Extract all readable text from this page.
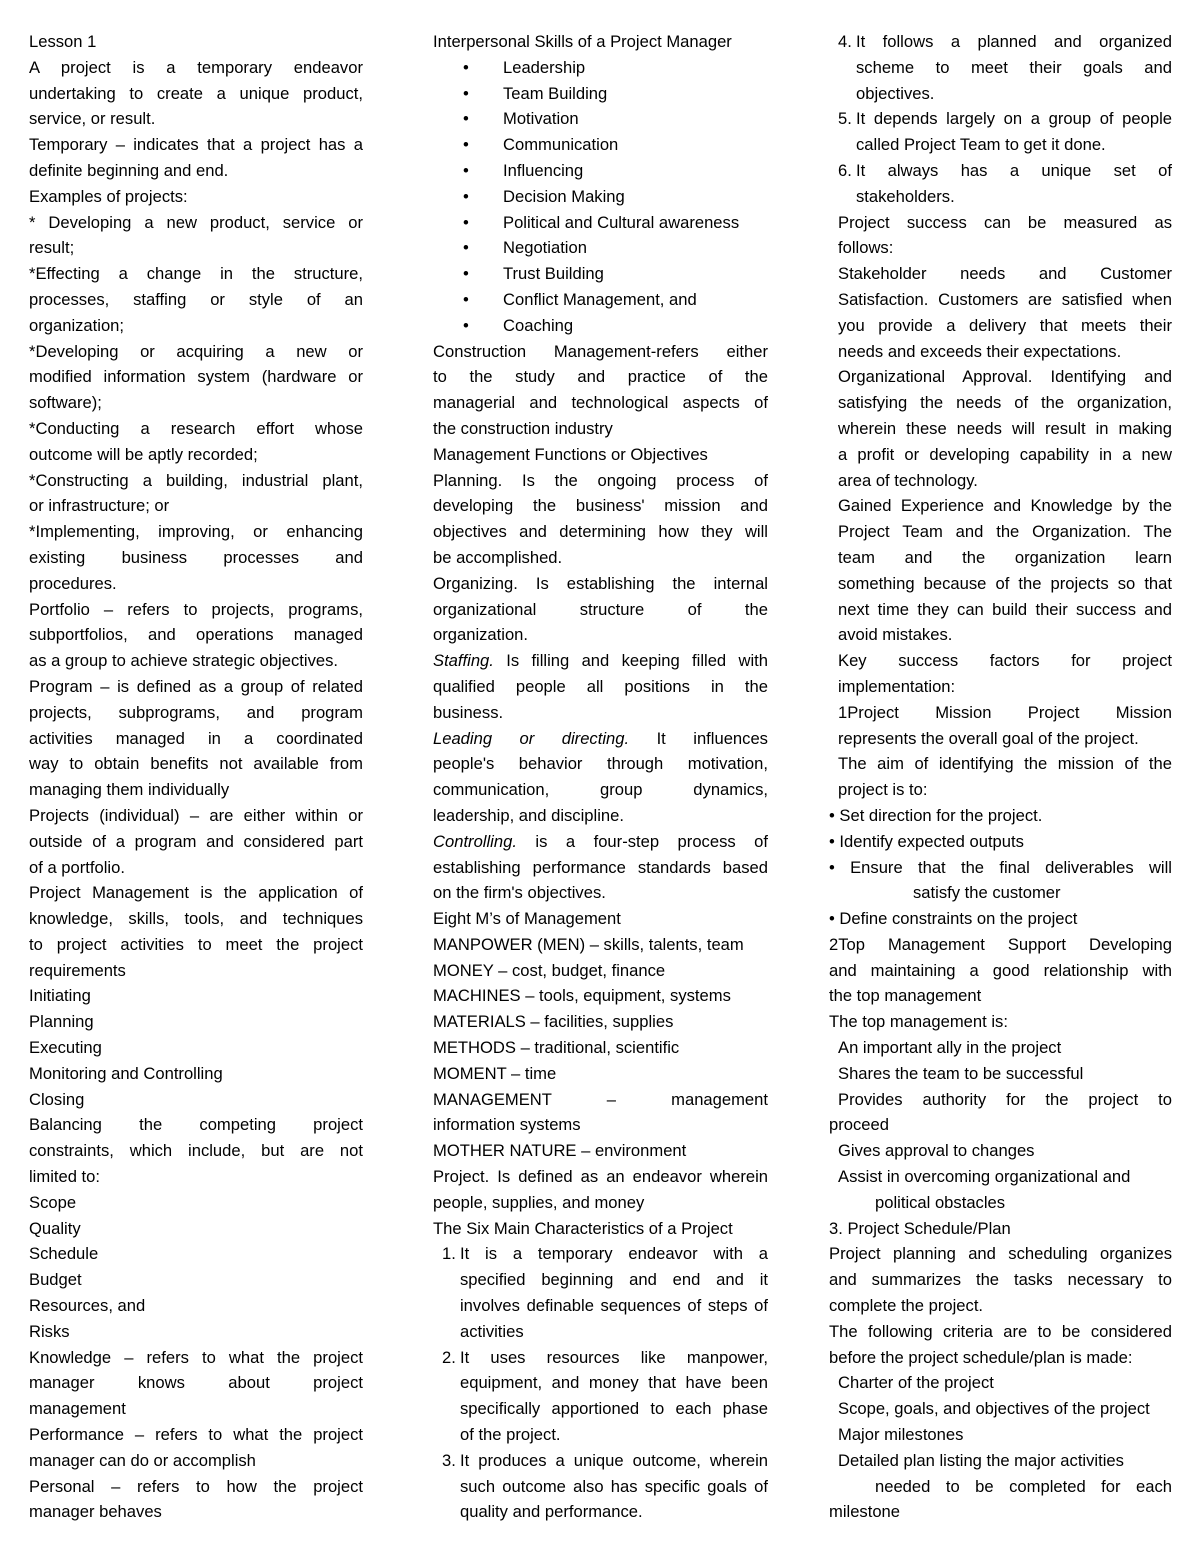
Lesson 1
A project is a temporary endeavor
undertaking to create a unique product,
service, or result.
Temporary – indicates that a project has a
definite beginning and end.
Examples of projects:
* Developing a new product, service or
result;
*Effecting a change in the structure,
processes, staffing or style of an
organization;
*Developing or acquiring a new or
modified information system (hardware or
software);
*Conducting a research effort whose
outcome will be aptly recorded;
*Constructing a building, industrial plant,
or infrastructure; or
*Implementing, improving, or enhancing
existing business processes and
procedures.
Portfolio – refers to projects, programs,
subportfolios, and operations managed
as a group to achieve strategic objectives.
Program – is defined as a group of related
projects, subprograms, and program
activities managed in a coordinated
way to obtain benefits not available from
managing them individually
Projects (individual) – are either within or
outside of a program and considered part
of a portfolio.
Project Management is the application of
knowledge, skills, tools, and techniques
to project activities to meet the project
requirements
Initiating
Planning
Executing
Monitoring and Controlling
Closing
Balancing the competing project
constraints, which include, but are not
limited to:
Scope
Quality
Schedule
Budget
Resources, and
Risks
Knowledge – refers to what the project
manager knows about project
management
Performance – refers to what the project
manager can do or accomplish
Personal – refers to how the project
manager behaves
Interpersonal Skills of a Project Manager
• Leadership
• Team Building
• Motivation
• Communication
• Influencing
• Decision Making
• Political and Cultural awareness
• Negotiation
• Trust Building
• Conflict Management, and
• Coaching
Construction Management-refers either
to the study and practice of the
managerial and technological aspects of
the construction industry
Management Functions or Objectives
Planning. Is the ongoing process of
developing the business' mission and
objectives and determining how they will
be accomplished.
Organizing. Is establishing the internal
organizational structure of the
organization.
Staffing. Is filling and keeping filled with
qualified people all positions in the
business.
Leading or directing. It influences
people's behavior through motivation,
communication, group dynamics,
leadership, and discipline.
Controlling. is a four-step process of
establishing performance standards based
on the firm's objectives.
Eight M’s of Management
MANPOWER (MEN) – skills, talents, team
MONEY – cost, budget, finance
MACHINES – tools, equipment, systems
MATERIALS – facilities, supplies
METHODS – traditional, scientific
MOMENT – time
MANAGEMENT – management
information systems
MOTHER NATURE – environment
Project. Is defined as an endeavor wherein
people, supplies, and money
The Six Main Characteristics of a Project
1. It is a temporary endeavor with a
specified beginning and end and it
involves definable sequences of steps of
activities
2. It uses resources like manpower,
equipment, and money that have been
specifically apportioned to each phase
of the project.
3. It produces a unique outcome, wherein
such outcome also has specific goals of
quality and performance.
4. It follows a planned and organized
scheme to meet their goals and
objectives.
5. It depends largely on a group of people
called Project Team to get it done.
6. It always has a unique set of
stakeholders.
Project success can be measured as
follows:
Stakeholder needs and Customer
Satisfaction. Customers are satisfied when
you provide a delivery that meets their
needs and exceeds their expectations.
Organizational Approval. Identifying and
satisfying the needs of the organization,
wherein these needs will result in making
a profit or developing capability in a new
area of technology.
Gained Experience and Knowledge by the
Project Team and the Organization. The
team and the organization learn
something because of the projects so that
next time they can build their success and
avoid mistakes.
Key success factors for project
implementation:
1Project Mission Project Mission
represents the overall goal of the project.
The aim of identifying the mission of the
project is to:
• Set direction for the project.
• Identify expected outputs
• Ensure that the final deliverables will
satisfy the customer
• Define constraints on the project
2Top Management Support Developing
and maintaining a good relationship with
the top management
The top management is:
An important ally in the project
Shares the team to be successful
Provides authority for the project to
proceed
Gives approval to changes
Assist in overcoming organizational and
political obstacles
3. Project Schedule/Plan
Project planning and scheduling organizes
and summarizes the tasks necessary to
complete the project.
The following criteria are to be considered
before the project schedule/plan is made:
Charter of the project
Scope, goals, and objectives of the project
Major milestones
Detailed plan listing the major activities
needed to be completed for each
milestone
